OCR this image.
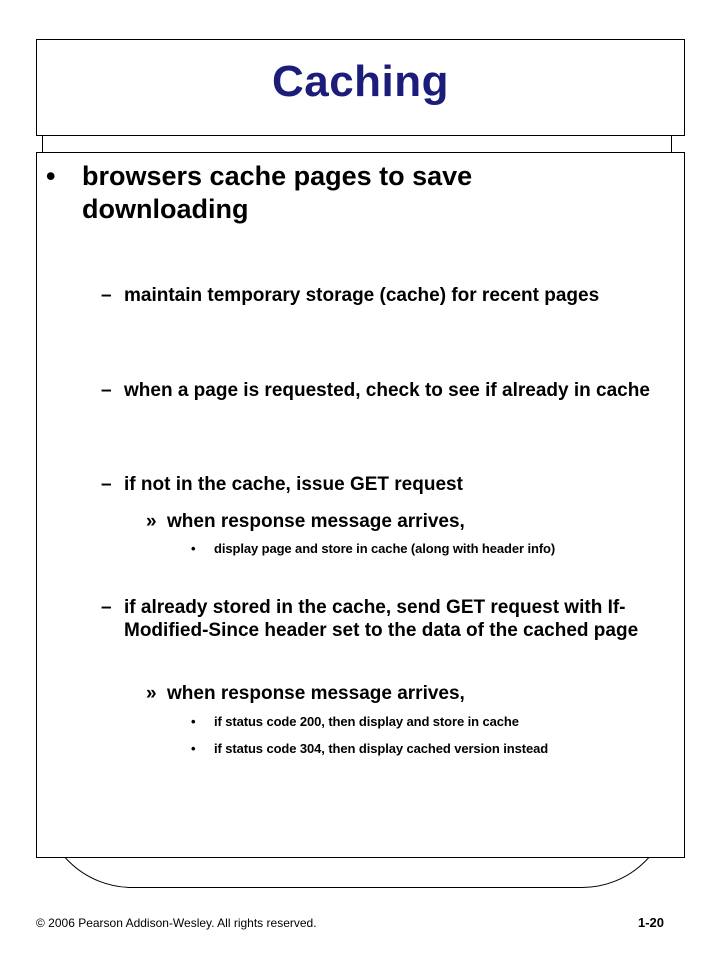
Caching
• browsers cache pages to save downloading
– maintain temporary storage (cache) for recent pages
– when a page is requested, check to see if already in cache
– if not in the cache, issue GET request
» when response message arrives,
• display page and store in cache (along with header info)
– if already stored in the cache, send GET request with If-Modified-Since header set to the data of the cached page
» when response message arrives,
• if status code 200, then display and store in cache
• if status code 304, then display cached version instead
© 2006 Pearson Addison-Wesley. All rights reserved.	1-20
